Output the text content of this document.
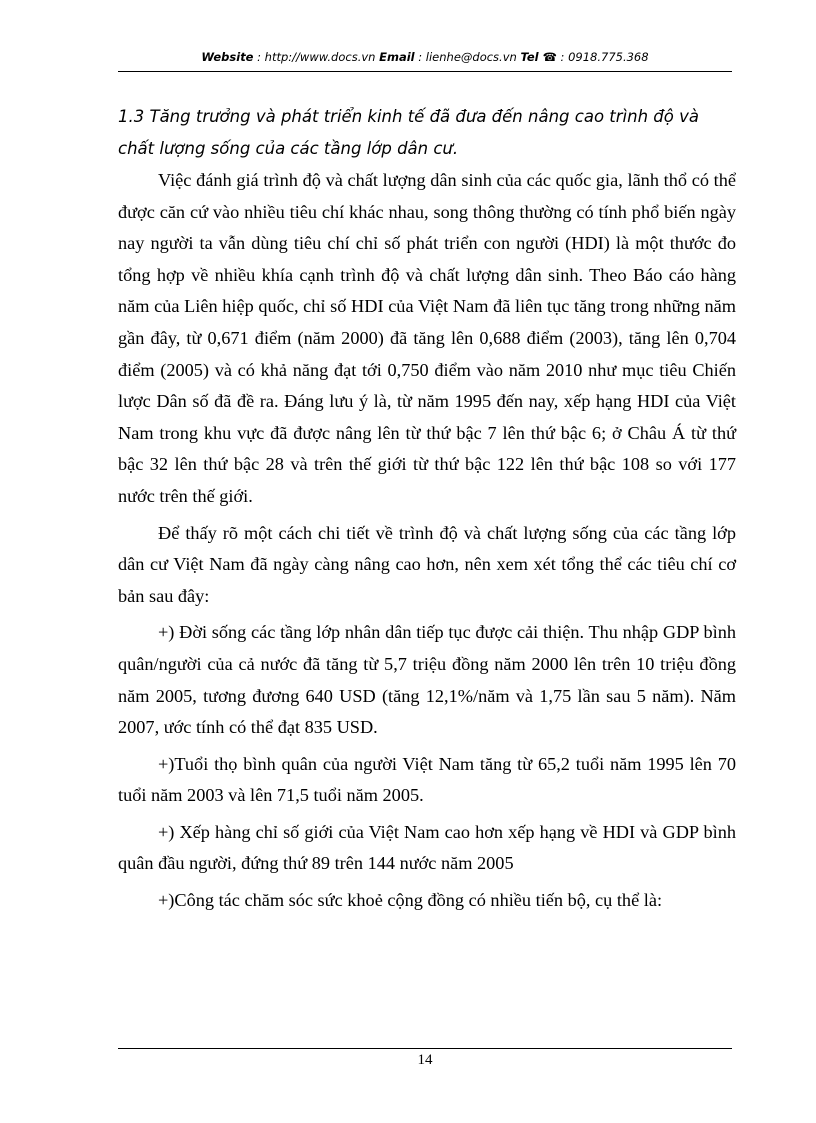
Website : http://www.docs.vn Email : lienhe@docs.vn Tel ☎ : 0918.775.368
1.3 Tăng trưởng và phát triển kinh tế đã đưa đến nâng cao trình độ và chất lượng sống của các tầng lớp dân cư.

Việc đánh giá trình độ và chất lượng dân sinh của các quốc gia, lãnh thổ có thể được căn cứ vào nhiều tiêu chí khác nhau, song thông thường có tính phổ biến ngày nay người ta vẫn dùng tiêu chí chỉ số phát triển con người (HDI) là một thước đo tổng hợp về nhiều khía cạnh trình độ và chất lượng dân sinh. Theo Báo cáo hàng năm của Liên hiệp quốc, chỉ số HDI của Việt Nam đã liên tục tăng trong những năm gần đây, từ 0,671 điểm (năm 2000) đã tăng lên 0,688 điểm (2003), tăng lên 0,704 điểm (2005) và có khả năng đạt tới 0,750 điểm vào năm 2010 như mục tiêu Chiến lược Dân số đã đề ra. Đáng lưu ý là, từ năm 1995 đến nay, xếp hạng HDI của Việt Nam trong khu vực đã được nâng lên từ thứ bậc 7 lên thứ bậc 6; ở Châu Á từ thứ bậc 32 lên thứ bậc 28 và trên thế giới từ thứ bậc 122 lên thứ bậc 108 so với 177 nước trên thế giới.

Để thấy rõ một cách chi tiết về trình độ và chất lượng sống của các tầng lớp dân cư Việt Nam đã ngày càng nâng cao hơn, nên xem xét tổng thể các tiêu chí cơ bản sau đây:

+) Đời sống các tầng lớp nhân dân tiếp tục được cải thiện. Thu nhập GDP bình quân/người của cả nước đã tăng từ 5,7 triệu đồng năm 2000 lên trên 10 triệu đồng năm 2005, tương đương 640 USD (tăng 12,1%/năm và 1,75 lần sau 5 năm). Năm 2007, ước tính có thể đạt 835 USD.

+)Tuổi thọ bình quân của người Việt Nam tăng từ 65,2 tuổi năm 1995 lên 70 tuổi năm 2003 và lên 71,5 tuổi năm 2005.

+) Xếp hàng chỉ số giới của Việt Nam cao hơn xếp hạng về HDI và GDP bình quân đầu người, đứng thứ 89 trên 144 nước năm 2005

+)Công tác chăm sóc sức khoẻ cộng đồng có nhiều tiến bộ, cụ thể là:

14
